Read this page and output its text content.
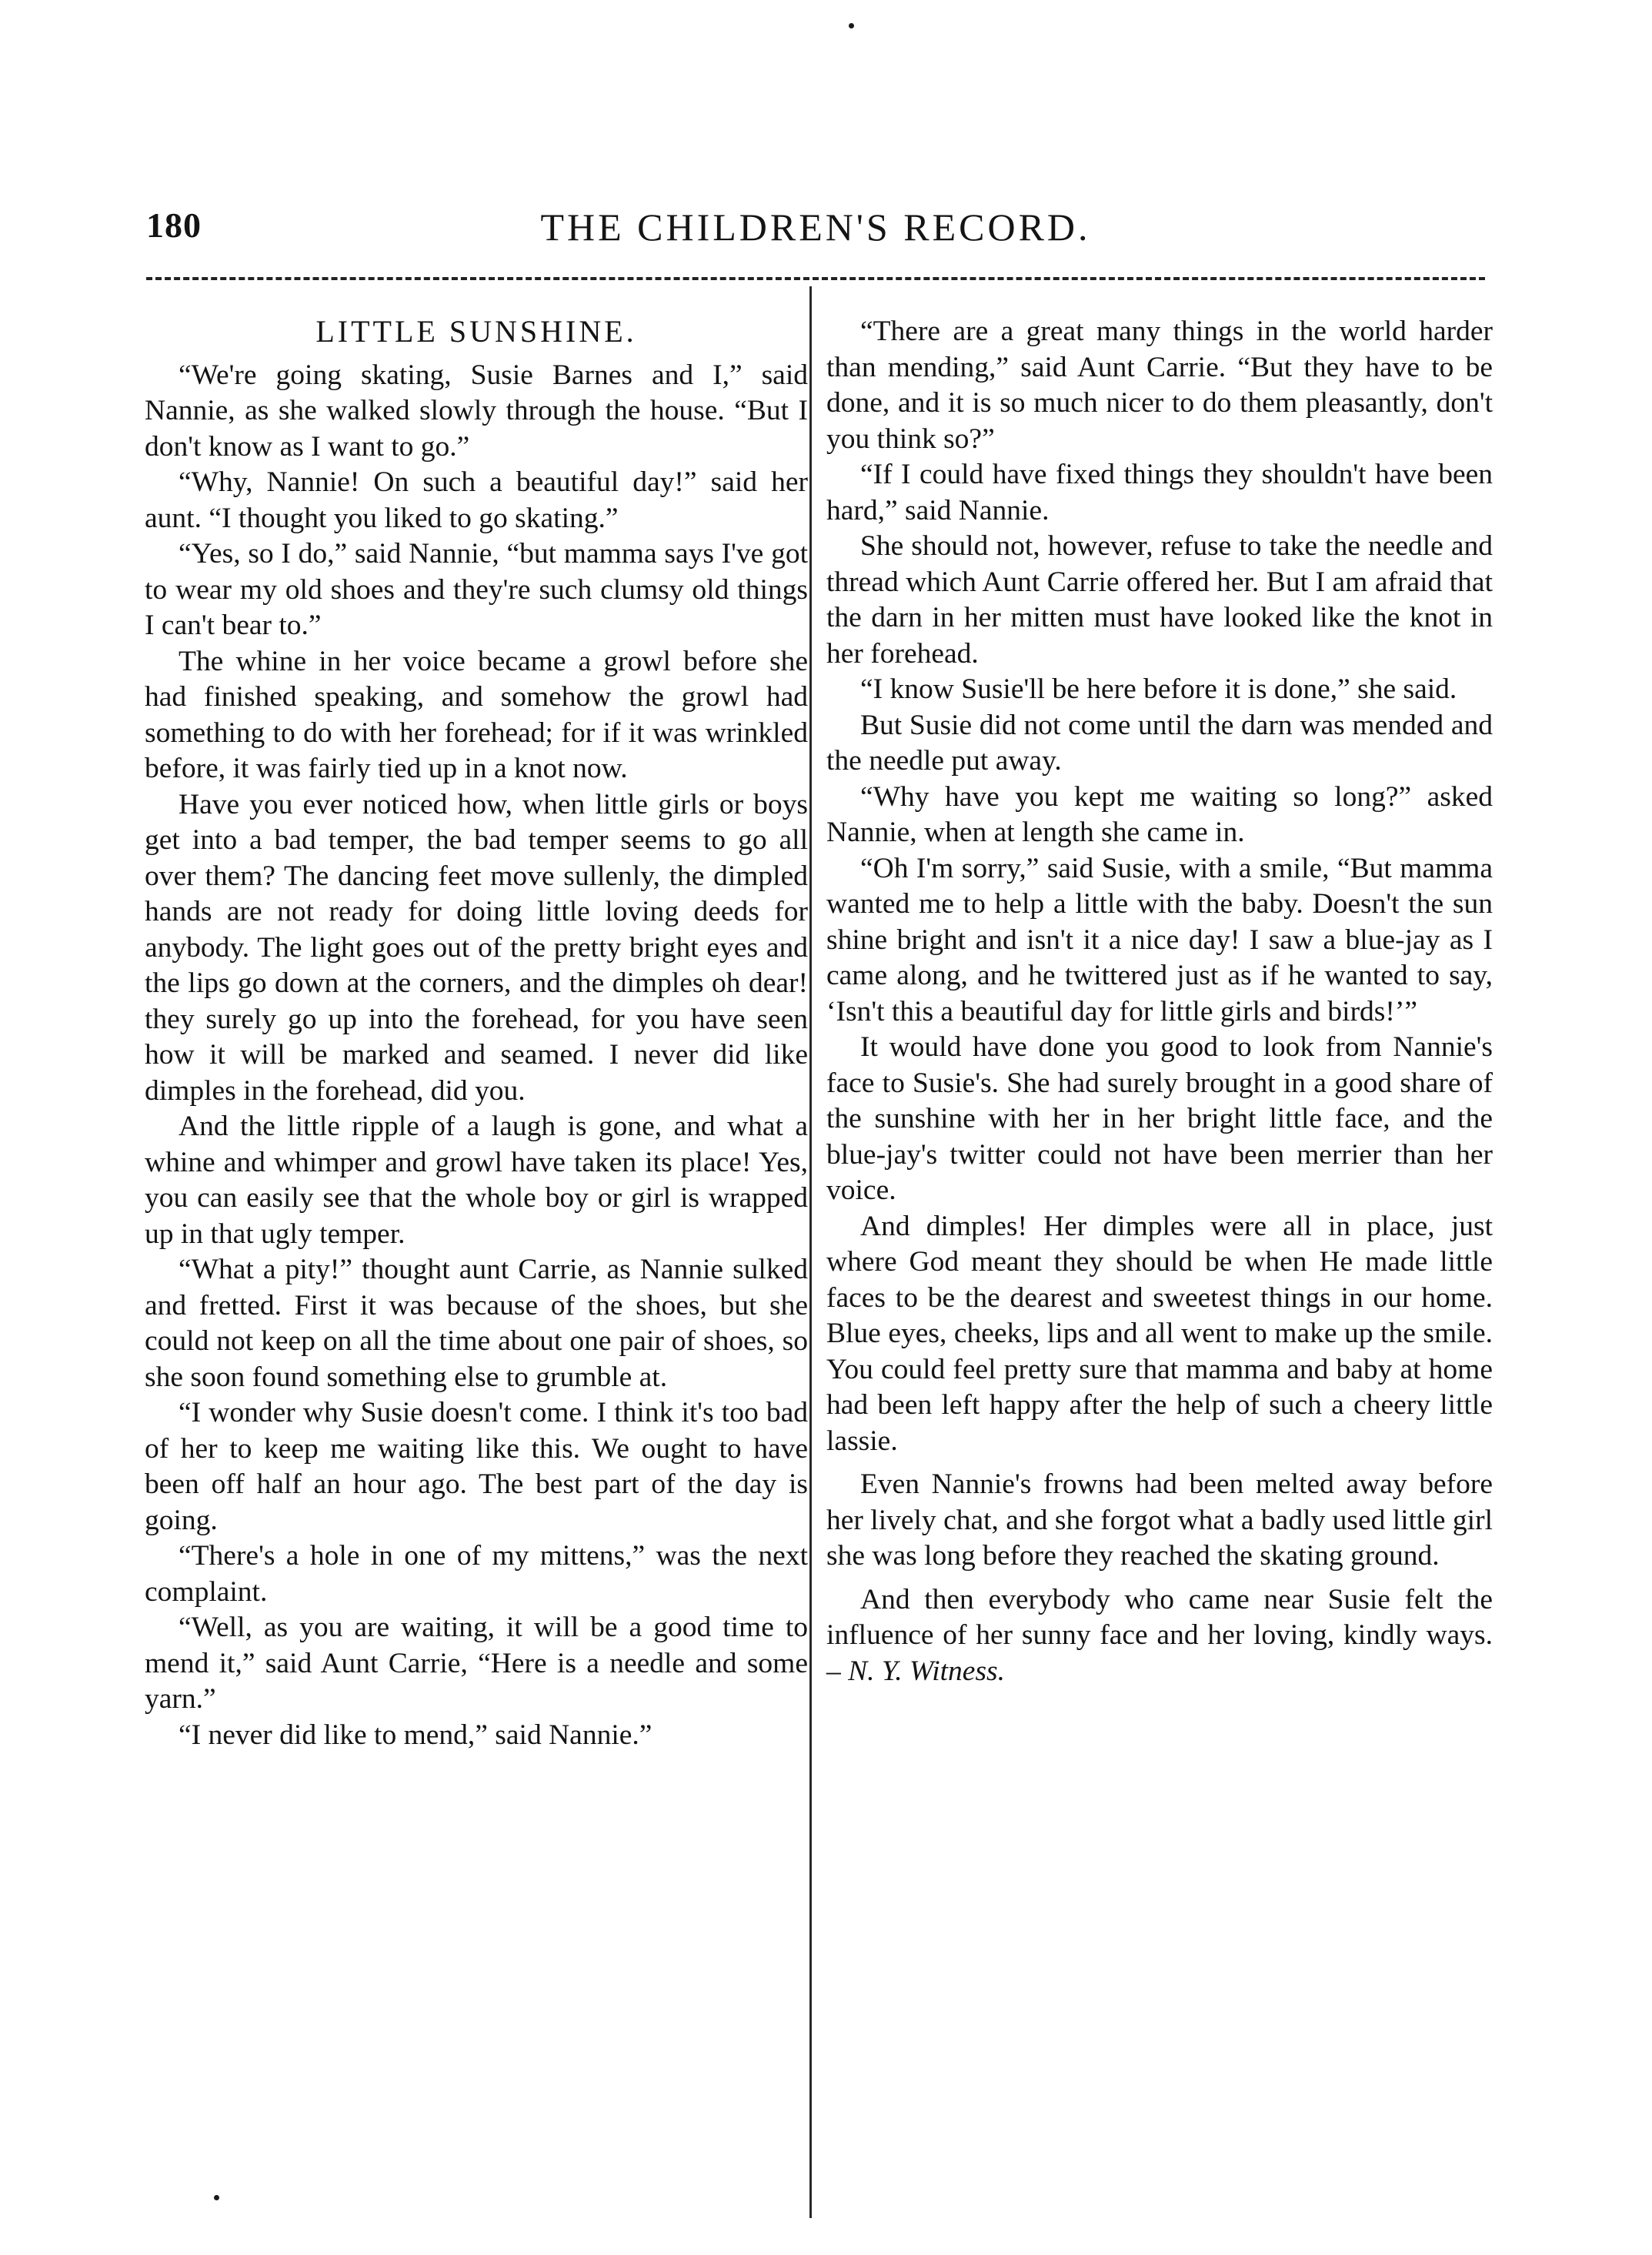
180	THE CHILDREN'S RECORD.
LITTLE SUNSHINE.

“We're going skating, Susie Barnes and I,” said Nannie, as she walked slowly through the house. “But I don't know as I want to go.”

“Why, Nannie! On such a beautiful day!” said her aunt. “I thought you liked to go skating.”

“Yes, so I do,” said Nannie, “but mamma says I've got to wear my old shoes and they're such clumsy old things I can't bear to.”

The whine in her voice became a growl before she had finished speaking, and somehow the growl had something to do with her forehead; for if it was wrinkled before, it was fairly tied up in a knot now.

Have you ever noticed how, when little girls or boys get into a bad temper, the bad temper seems to go all over them? The dancing feet move sullenly, the dimpled hands are not ready for doing little loving deeds for anybody. The light goes out of the pretty bright eyes and the lips go down at the corners, and the dimples oh dear! they surely go up into the forehead, for you have seen how it will be marked and seamed. I never did like dimples in the forehead, did you.

And the little ripple of a laugh is gone, and what a whine and whimper and growl have taken its place! Yes, you can easily see that the whole boy or girl is wrapped up in that ugly temper.

“What a pity!” thought aunt Carrie, as Nannie sulked and fretted. First it was because of the shoes, but she could not keep on all the time about one pair of shoes, so she soon found something else to grumble at.

“I wonder why Susie doesn't come. I think it's too bad of her to keep me waiting like this. We ought to have been off half an hour ago. The best part of the day is going.

“There's a hole in one of my mittens,” was the next complaint.

“Well, as you are waiting, it will be a good time to mend it,” said Aunt Carrie, “Here is a needle and some yarn.”

“I never did like to mend,” said Nannie.”

“There are a great many things in the world harder than mending,” said Aunt Carrie. “But they have to be done, and it is so much nicer to do them pleasantly, don't you think so?”

“If I could have fixed things they shouldn't have been hard,” said Nannie.

She should not, however, refuse to take the needle and thread which Aunt Carrie offered her. But I am afraid that the darn in her mitten must have looked like the knot in her forehead.

“I know Susie'll be here before it is done,” she said.

But Susie did not come until the darn was mended and the needle put away.

“Why have you kept me waiting so long?” asked Nannie, when at length she came in.

“Oh I'm sorry,” said Susie, with a smile, “But mamma wanted me to help a little with the baby. Doesn't the sun shine bright and isn't it a nice day! I saw a blue-jay as I came along, and he twittered just as if he wanted to say, ‘Isn't this a beautiful day for little girls and birds!’”

It would have done you good to look from Nannie's face to Susie's. She had surely brought in a good share of the sunshine with her in her bright little face, and the blue-jay's twitter could not have been merrier than her voice.

And dimples! Her dimples were all in place, just where God meant they should be when He made little faces to be the dearest and sweetest things in our home. Blue eyes, cheeks, lips and all went to make up the smile. You could feel pretty sure that mamma and baby at home had been left happy after the help of such a cheery little lassie.

Even Nannie's frowns had been melted away before her lively chat, and she forgot what a badly used little girl she was long before they reached the skating ground.

And then everybody who came near Susie felt the influence of her sunny face and her loving, kindly ways. – N. Y. Witness.
